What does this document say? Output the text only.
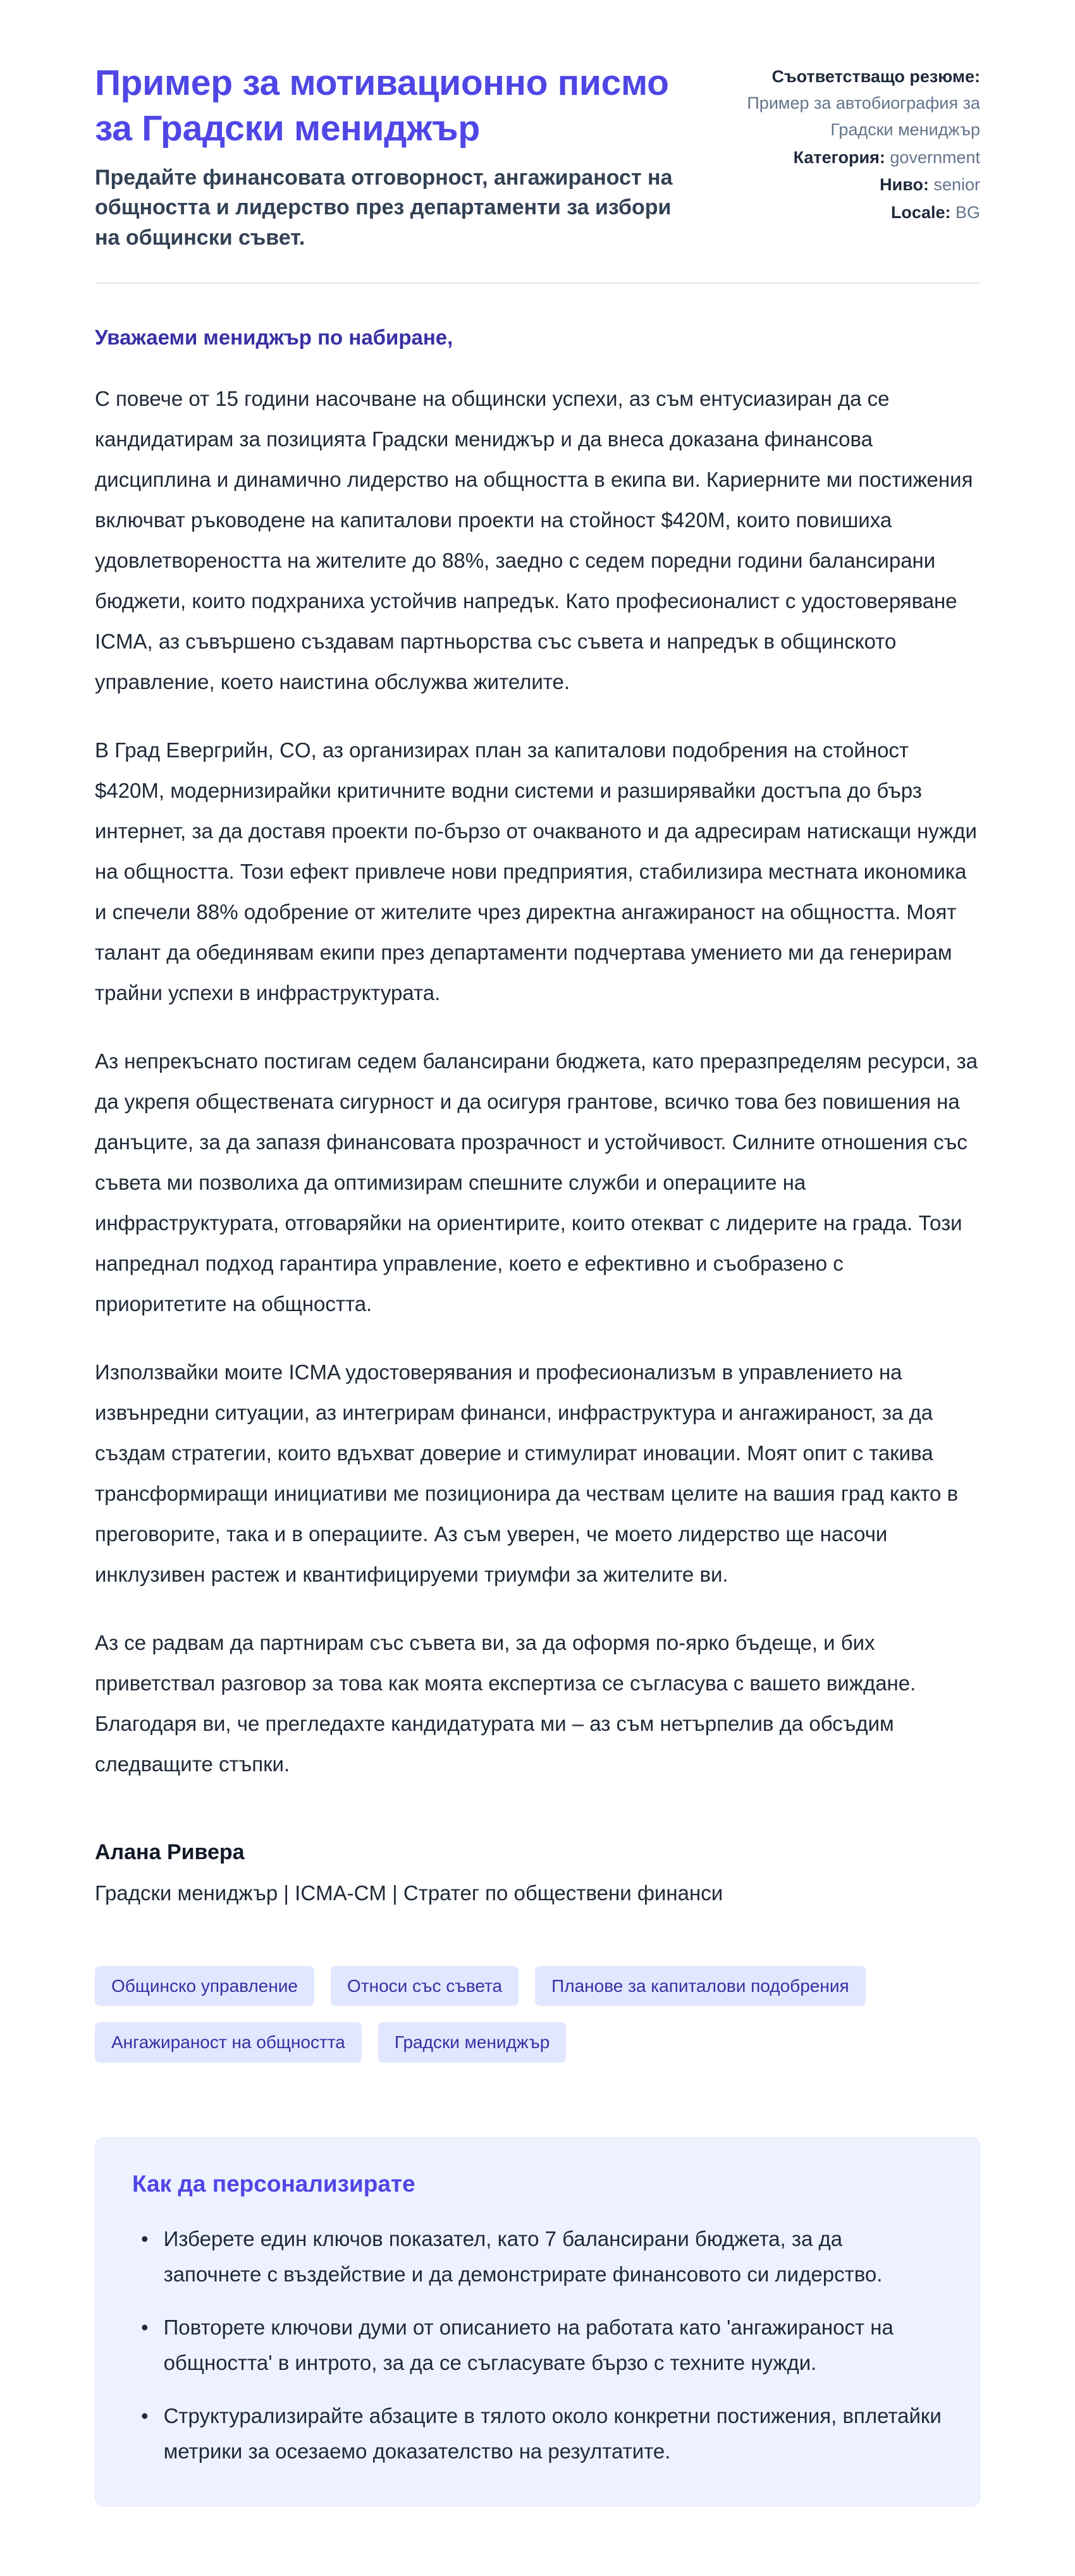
Пример за мотивационно писмо за Градски мениджър

Предайте финансовата отговорност, ангажираност на общността и лидерство през департаменти за избори на общински съвет.

Съответстващо резюме:
Пример за автобиография за Градски мениджър
Категория: government
Ниво: senior
Locale: BG

Уважаеми мениджър по набиране,

С повече от 15 години насочване на общински успехи, аз съм ентусиазиран да се кандидатирам за позицията Градски мениджър и да внеса доказана финансова дисциплина и динамично лидерство на общността в екипа ви. Кариерните ми постижения включват ръководене на капиталови проекти на стойност $420M, които повишиха удовлетвореността на жителите до 88%, заедно с седем поредни години балансирани бюджети, които подхраниха устойчив напредък. Като професионалист с удостоверяване ICMA, аз съвършено създавам партньорства със съвета и напредък в общинското управление, което наистина обслужва жителите.

В Град Евергрийн, CO, аз организирах план за капиталови подобрения на стойност $420M, модернизирайки критичните водни системи и разширявайки достъпа до бърз интернет, за да доставя проекти по-бързо от очакваното и да адресирам натискащи нужди на общността. Този ефект привлече нови предприятия, стабилизира местната икономика и спечели 88% одобрение от жителите чрез директна ангажираност на общността. Моят талант да обединявам екипи през департаменти подчертава умението ми да генерирам трайни успехи в инфраструктурата.

Аз непрекъснато постигам седем балансирани бюджета, като преразпределям ресурси, за да укрепя обществената сигурност и да осигуря грантове, всичко това без повишения на данъците, за да запазя финансовата прозрачност и устойчивост. Силните отношения със съвета ми позволиха да оптимизирам спешните служби и операциите на инфраструктурата, отговаряйки на ориентирите, които отекват с лидерите на града. Този напреднал подход гарантира управление, което е ефективно и съобразено с приоритетите на общността.

Използвайки моите ICMA удостоверявания и професионализъм в управлението на извънредни ситуации, аз интегрирам финанси, инфраструктура и ангажираност, за да създам стратегии, които вдъхват доверие и стимулират иновации. Моят опит с такива трансформиращи инициативи ме позиционира да чествам целите на вашия град както в преговорите, така и в операциите. Аз съм уверен, че моето лидерство ще насочи инклузивен растеж и квантифицируеми триумфи за жителите ви.

Аз се радвам да партнирам със съвета ви, за да оформя по-ярко бъдеще, и бих приветствал разговор за това как моята експертиза се съгласува с вашето виждане. Благодаря ви, че прегледахте кандидатурата ми – аз съм нетърпелив да обсъдим следващите стъпки.

Алана Ривера

Градски мениджър | ICMA-CM | Стратег по обществени финанси

Общинско управление	Относи със съвета	Планове за капиталови подобрения
Ангажираност на общността	Градски мениджър
Как да персонализирате
• Изберете един ключов показател, като 7 балансирани бюджета, за да започнете с въздействие и да демонстрирате финансовото си лидерство.
• Повторете ключови думи от описанието на работата като 'ангажираност на общността' в интрото, за да се съгласувате бързо с техните нужди.
• Структурализирайте абзаците в тялото около конкретни постижения, вплетайки метрики за осезаемо доказателство на резултатите.
